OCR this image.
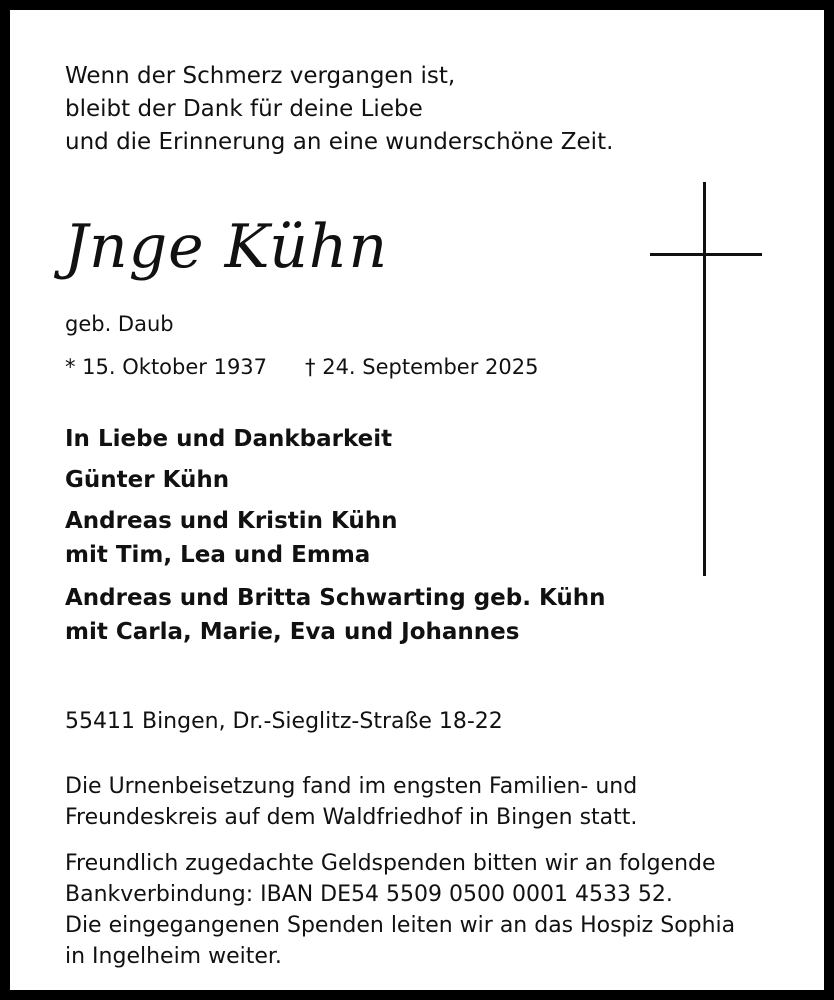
Wenn der Schmerz vergangen ist,
bleibt der Dank für deine Liebe
und die Erinnerung an eine wunderschöne Zeit.
Jnge Kühn
geb. Daub
* 15. Oktober 1937 † 24. September 2025
In Liebe und Dankbarkeit
Günter Kühn
Andreas und Kristin Kühn
mit Tim, Lea und Emma
Andreas und Britta Schwarting geb. Kühn
mit Carla, Marie, Eva und Johannes
55411 Bingen, Dr.-Sieglitz-Straße 18-22
Die Urnenbeisetzung fand im engsten Familien- und
Freundeskreis auf dem Waldfriedhof in Bingen statt.
Freundlich zugedachte Geldspenden bitten wir an folgende
Bankverbindung: IBAN DE54 5509 0500 0001 4533 52.
Die eingegangenen Spenden leiten wir an das Hospiz Sophia
in Ingelheim weiter.
